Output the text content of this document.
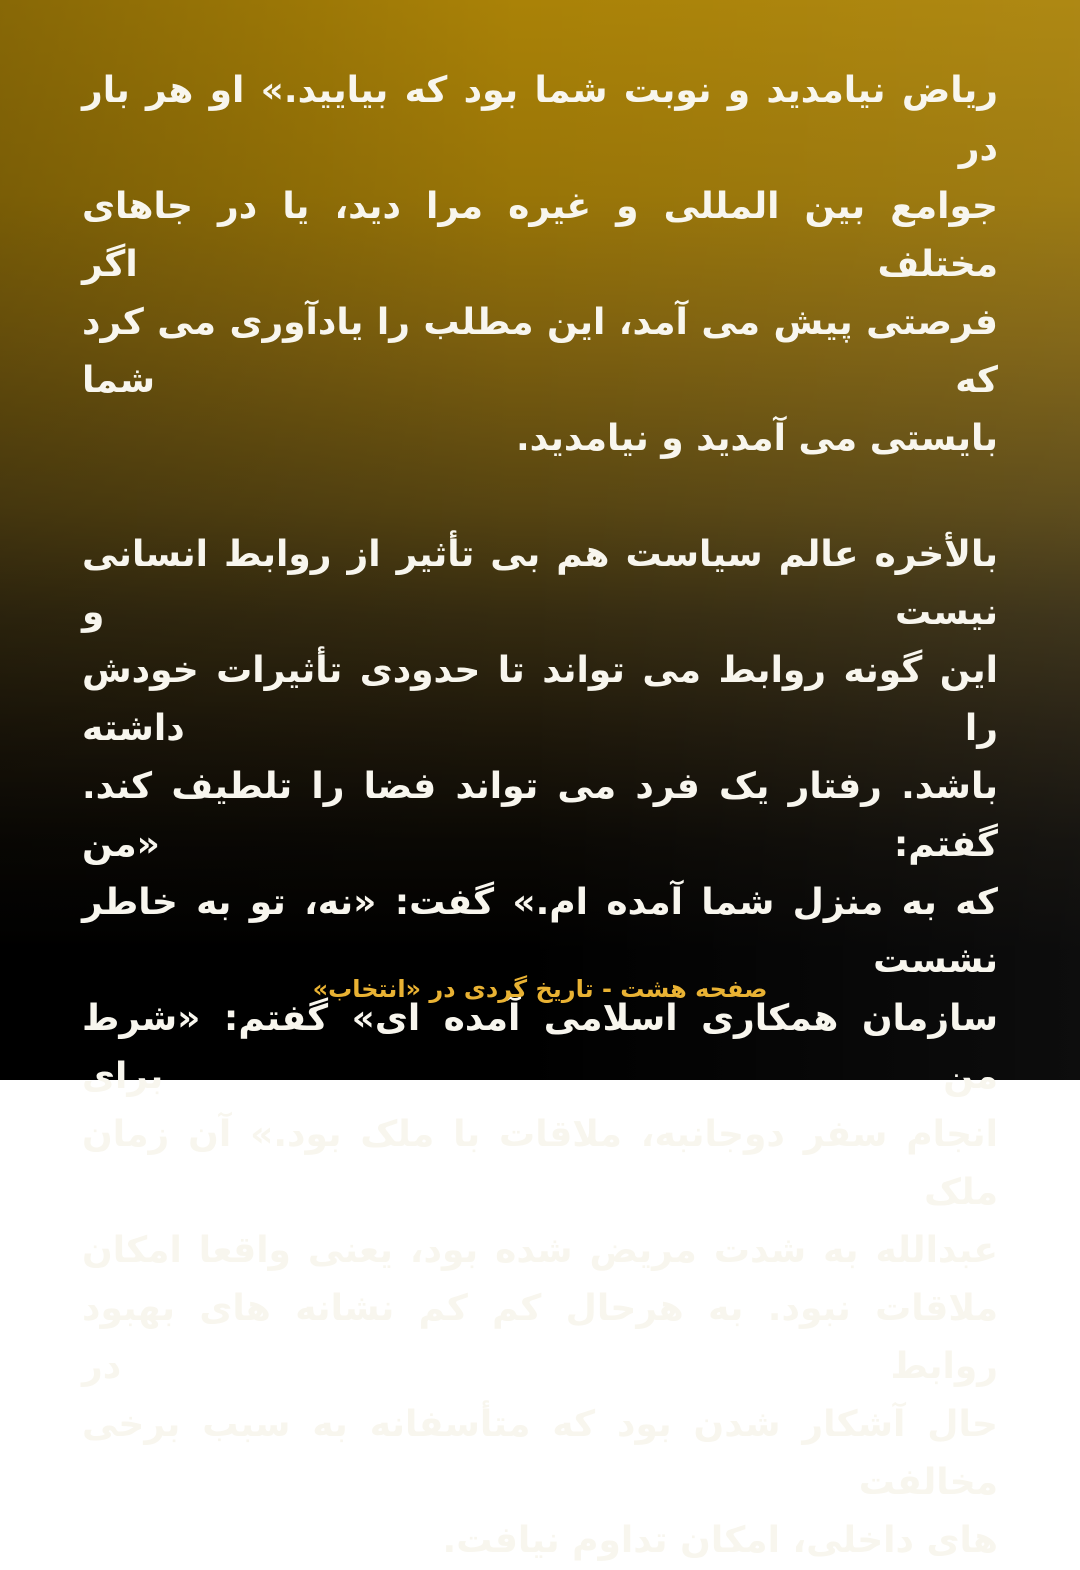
ریاض نیامدید و نوبت شما بود که بیایید.» او هر بار در
جوامع بین المللی و غیره مرا دید، یا در جاهای مختلف اگر
فرصتی پیش می آمد، این مطلب را یادآوری می کرد که شما
بایستی می آمدید و نیامدید.
بالأخره عالم سیاست هم بی تأثیر از روابط انسانی نیست و
این گونه روابط می تواند تا حدودی تأثیرات خودش را داشته
باشد. رفتار یک فرد می تواند فضا را تلطیف کند. گفتم: «من
که به منزل شما آمده ام.» گفت: «نه، تو به خاطر نشست
سازمان همکاری اسلامی آمده ای» گفتم: «شرط من برای
انجام سفر دوجانبه، ملاقات با ملک بود.» آن زمان ملک
عبدالله به شدت مریض شده بود، یعنی واقعا امکان
ملاقات نبود. به هرحال کم کم نشانه های بهبود روابط در
حال آشکار شدن بود که متأسفانه به سبب برخی مخالفت
های داخلی، امکان تداوم نیافت.
صفحه هشت - تاریخ گردی در «انتخاب»
